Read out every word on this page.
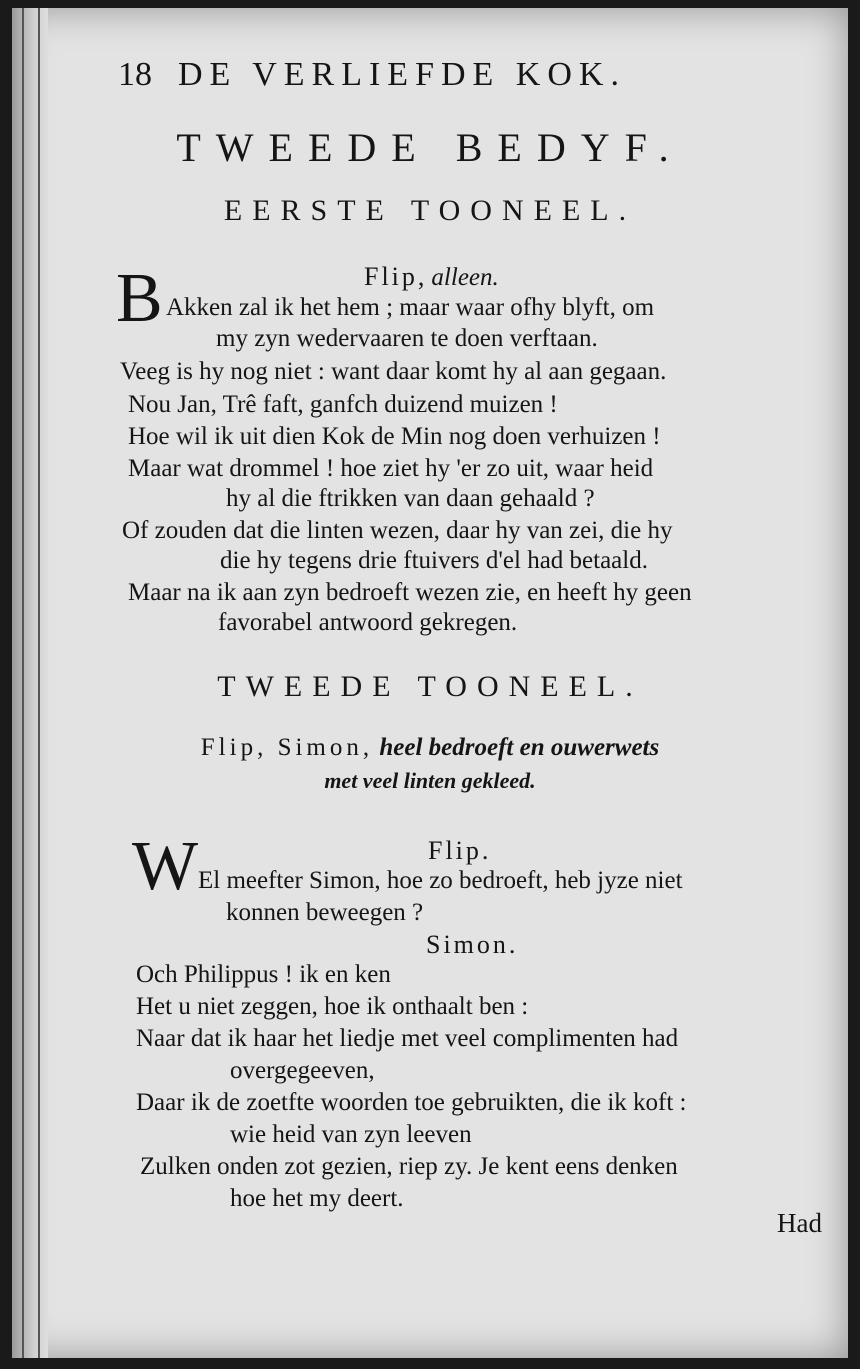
18 DE VERLIEFDE KOK.
TWEEDE BEDYF.
EERSTE TOONEEL.
B	Flip, alleen.
Akken zal ik het hem ; maar waar ofhy blyft, om
my zyn wedervaaren te doen verftaan.
Veeg is hy nog niet : want daar komt hy al aan gegaan.
Nou Jan, Trê faft, ganfch duizend muizen !
Hoe wil ik uit dien Kok de Min nog doen verhuizen !
Maar wat drommel ! hoe ziet hy 'er zo uit, waar heid
hy al die ftrikken van daan gehaald ?
Of zouden dat die linten wezen, daar hy van zei, die hy
die hy tegens drie ftuivers d'el had betaald.
Maar na ik aan zyn bedroeft wezen zie, en heeft hy geen
favorabel antwoord gekregen.
TWEEDE TOONEEL.
Flip, Simon, heel bedroeft en ouwerwets
met veel linten gekleed.
W	Flip.
El meefter Simon, hoe zo bedroeft, heb jyze niet
konnen beweegen ?
Simon.
Och Philippus ! ik en ken
Het u niet zeggen, hoe ik onthaalt ben :
Naar dat ik haar het liedje met veel complimenten had
overgegeeven,
Daar ik de zoetfte woorden toe gebruikten, die ik koft :
wie heid van zyn leeven
Zulken onden zot gezien, riep zy. Je kent eens denken
hoe het my deert.
Had
